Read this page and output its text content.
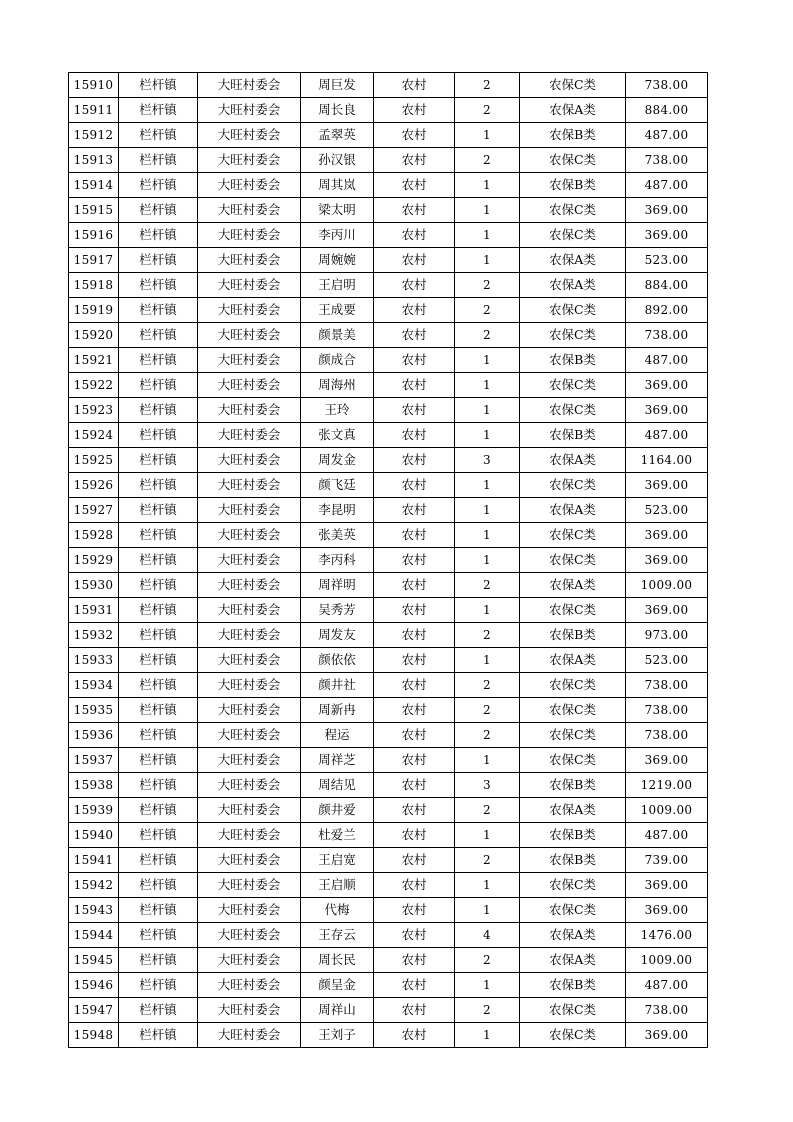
15910	栏杆镇	大旺村委会	周巨发	农村	2	农保C类	738.00
15911	栏杆镇	大旺村委会	周长良	农村	2	农保A类	884.00
15912	栏杆镇	大旺村委会	孟翠英	农村	1	农保B类	487.00
15913	栏杆镇	大旺村委会	孙汉银	农村	2	农保C类	738.00
15914	栏杆镇	大旺村委会	周其岚	农村	1	农保B类	487.00
15915	栏杆镇	大旺村委会	梁太明	农村	1	农保C类	369.00
15916	栏杆镇	大旺村委会	李丙川	农村	1	农保C类	369.00
15917	栏杆镇	大旺村委会	周婉婉	农村	1	农保A类	523.00
15918	栏杆镇	大旺村委会	王启明	农村	2	农保A类	884.00
15919	栏杆镇	大旺村委会	王成要	农村	2	农保C类	892.00
15920	栏杆镇	大旺村委会	颜景美	农村	2	农保C类	738.00
15921	栏杆镇	大旺村委会	颜成合	农村	1	农保B类	487.00
15922	栏杆镇	大旺村委会	周海州	农村	1	农保C类	369.00
15923	栏杆镇	大旺村委会	王玲	农村	1	农保C类	369.00
15924	栏杆镇	大旺村委会	张文真	农村	1	农保B类	487.00
15925	栏杆镇	大旺村委会	周发金	农村	3	农保A类	1164.00
15926	栏杆镇	大旺村委会	颜飞廷	农村	1	农保C类	369.00
15927	栏杆镇	大旺村委会	李昆明	农村	1	农保A类	523.00
15928	栏杆镇	大旺村委会	张美英	农村	1	农保C类	369.00
15929	栏杆镇	大旺村委会	李丙科	农村	1	农保C类	369.00
15930	栏杆镇	大旺村委会	周祥明	农村	2	农保A类	1009.00
15931	栏杆镇	大旺村委会	吴秀芳	农村	1	农保C类	369.00
15932	栏杆镇	大旺村委会	周发友	农村	2	农保B类	973.00
15933	栏杆镇	大旺村委会	颜依依	农村	1	农保A类	523.00
15934	栏杆镇	大旺村委会	颜井社	农村	2	农保C类	738.00
15935	栏杆镇	大旺村委会	周新冉	农村	2	农保C类	738.00
15936	栏杆镇	大旺村委会	程运	农村	2	农保C类	738.00
15937	栏杆镇	大旺村委会	周祥芝	农村	1	农保C类	369.00
15938	栏杆镇	大旺村委会	周结见	农村	3	农保B类	1219.00
15939	栏杆镇	大旺村委会	颜井爱	农村	2	农保A类	1009.00
15940	栏杆镇	大旺村委会	杜爱兰	农村	1	农保B类	487.00
15941	栏杆镇	大旺村委会	王启宽	农村	2	农保B类	739.00
15942	栏杆镇	大旺村委会	王启顺	农村	1	农保C类	369.00
15943	栏杆镇	大旺村委会	代梅	农村	1	农保C类	369.00
15944	栏杆镇	大旺村委会	王存云	农村	4	农保A类	1476.00
15945	栏杆镇	大旺村委会	周长民	农村	2	农保A类	1009.00
15946	栏杆镇	大旺村委会	颜呈金	农村	1	农保B类	487.00
15947	栏杆镇	大旺村委会	周祥山	农村	2	农保C类	738.00
15948	栏杆镇	大旺村委会	王刘子	农村	1	农保C类	369.00
